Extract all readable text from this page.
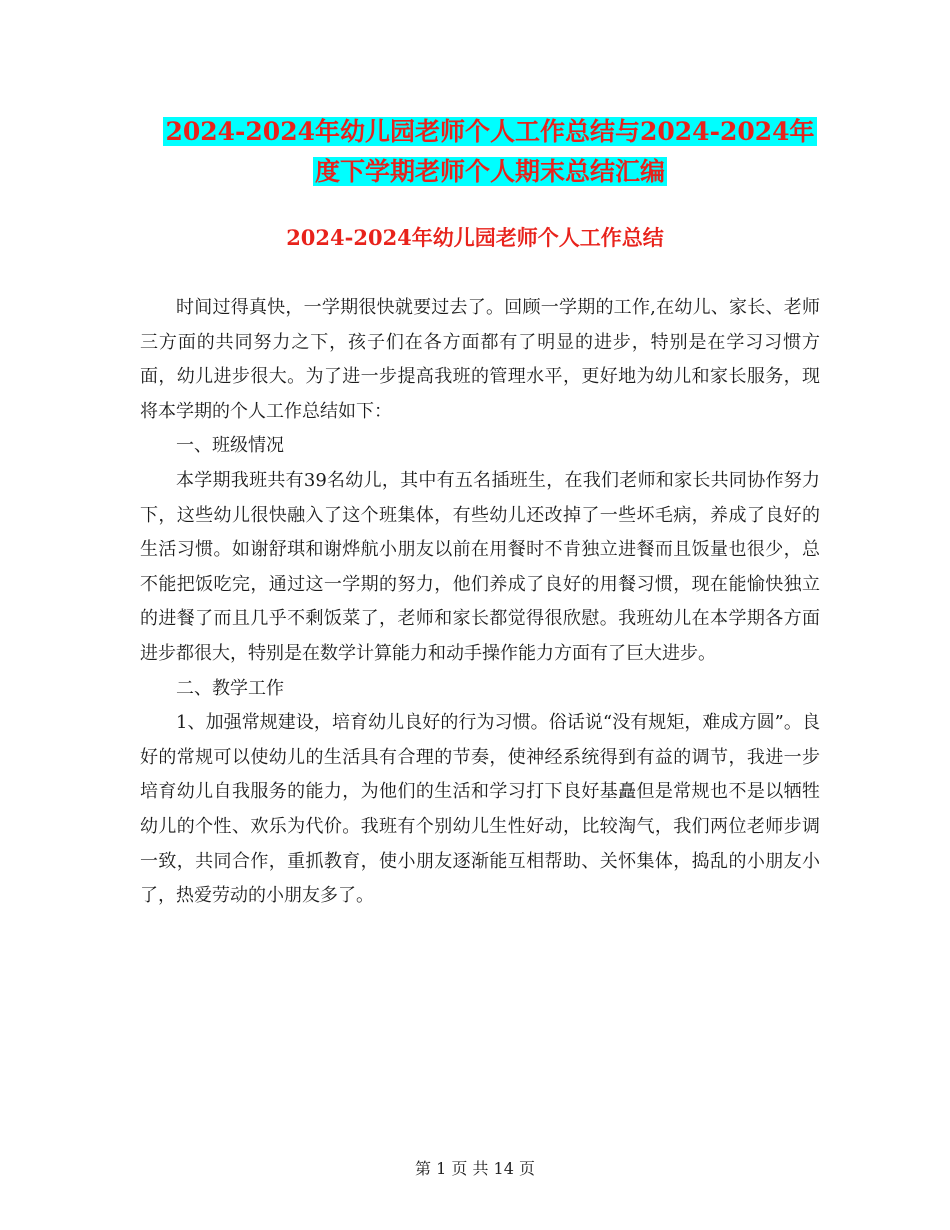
2024-2024年幼儿园老师个人工作总结与2024-2024年
度下学期老师个人期末总结汇编
2024-2024年幼儿园老师个人工作总结

时间过得真快，一学期很快就要过去了。回顾一学期的工作,在幼儿、家长、老师三方面的共同努力之下，孩子们在各方面都有了明显的进步，特别是在学习习惯方面，幼儿进步很大。为了进一步提高我班的管理水平，更好地为幼儿和家长服务，现将本学期的个人工作总结如下：

一、班级情况

本学期我班共有39名幼儿，其中有五名插班生，在我们老师和家长共同协作努力下，这些幼儿很快融入了这个班集体，有些幼儿还改掉了一些坏毛病，养成了良好的生活习惯。如谢舒琪和谢烨航小朋友以前在用餐时不肯独立进餐而且饭量也很少，总不能把饭吃完，通过这一学期的努力，他们养成了良好的用餐习惯，现在能愉快独立的进餐了而且几乎不剩饭菜了，老师和家长都觉得很欣慰。我班幼儿在本学期各方面进步都很大，特别是在数学计算能力和动手操作能力方面有了巨大进步。

二、教学工作

1、加强常规建设，培育幼儿良好的行为习惯。俗话说“没有规矩，难成方圆”。良好的常规可以使幼儿的生活具有合理的节奏，使神经系统得到有益的调节，我进一步培育幼儿自我服务的能力，为他们的生活和学习打下良好基矗但是常规也不是以牺牲幼儿的个性、欢乐为代价。我班有个别幼儿生性好动，比较淘气，我们两位老师步调一致，共同合作，重抓教育，使小朋友逐渐能互相帮助、关怀集体，捣乱的小朋友小了，热爱劳动的小朋友多了。

第 1 页 共 14 页
